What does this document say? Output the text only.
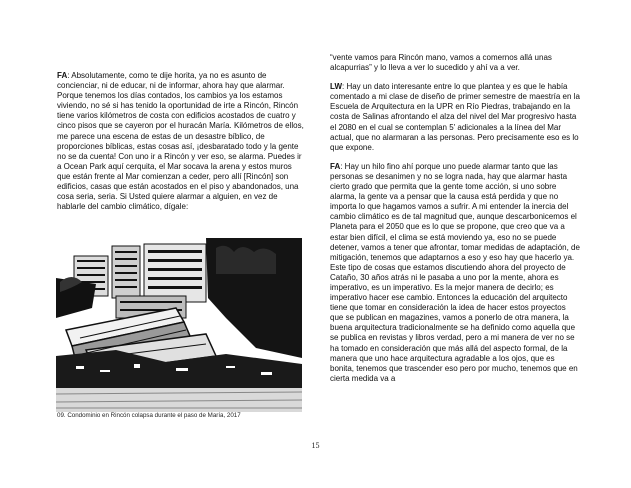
FA: Absolutamente, como te dije horita, ya no es asunto de concienciar, ni de educar, ni de informar, ahora hay que alarmar. Porque tenemos los días contados, los cambios ya los estamos viviendo, no sé si has tenido la oportunidad de irte a Rincón, Rincón tiene varios kilómetros de costa con edificios acostados de cuatro y cinco pisos que se cayeron por el huracán María. Kilómetros de ellos, me parece una escena de estas de un desastre bíblico, de proporciones bíblicas, estas cosas así, ¡desbaratado todo y la gente no se da cuenta! Con uno ir a Rincón y ver eso, se alarma. Puedes ir a Ocean Park aquí cerquita, el Mar socava la arena y estos muros que están frente al Mar comienzan a ceder, pero allí [Rincón] son edificios, casas que están acostados en el piso y abandonados, una cosa seria, seria. Si Usted quiere alarmar a alguien, en vez de hablarle del cambio climático, dígale:

09. Condominio en Rincón colapsa durante el paso de María, 2017

“vente vamos para Rincón mano, vamos a comernos allá unas alcapurrias” y lo lleva a ver lo sucedido y ahí va a ver.

LW: Hay un dato interesante entre lo que plantea y es que le había comentado a mi clase de diseño de primer semestre de maestría en la Escuela de Arquitectura en la UPR en Río Piedras, trabajando en la costa de Salinas afrontando el alza del nivel del Mar progresivo hasta el 2080 en el cual se contemplan 5' adicionales a la línea del Mar actual, que no alarmaran a las personas. Pero precisamente eso es lo que expone.

FA: Hay un hilo fino ahí porque uno puede alarmar tanto que las personas se desanimen y no se logra nada, hay que alarmar hasta cierto grado que permita que la gente tome acción, si uno sobre alarma, la gente va a pensar que la causa está perdida y que no importa lo que hagamos vamos a sufrir. A mi entender la inercia del cambio climático es de tal magnitud que, aunque descarbonicemos el Planeta para el 2050 que es lo que se propone, que creo que va a estar bien difícil, el clima se está moviendo ya, eso no se puede detener, vamos a tener que afrontar, tomar medidas de adaptación, de mitigación, tenemos que adaptarnos a eso y eso hay que hacerlo ya. Este tipo de cosas que estamos discutiendo ahora del proyecto de Cataño, 30 años atrás ni le pasaba a uno por la mente, ahora es imperativo, es un imperativo. Es la mejor manera de decirlo; es imperativo hacer ese cambio. Entonces la educación del arquitecto tiene que tomar en consideración la idea de hacer estos proyectos que se publican en magazines, vamos a ponerlo de otra manera, la buena arquitectura tradicionalmente se ha definido como aquella que se publica en revistas y libros verdad, pero a mi manera de ver no se ha tomado en consideración que más allá del aspecto formal, de la manera que uno hace arquitectura agradable a los ojos, que es bonita, tenemos que trascender eso pero por mucho, tenemos que en cierta medida va a

15
